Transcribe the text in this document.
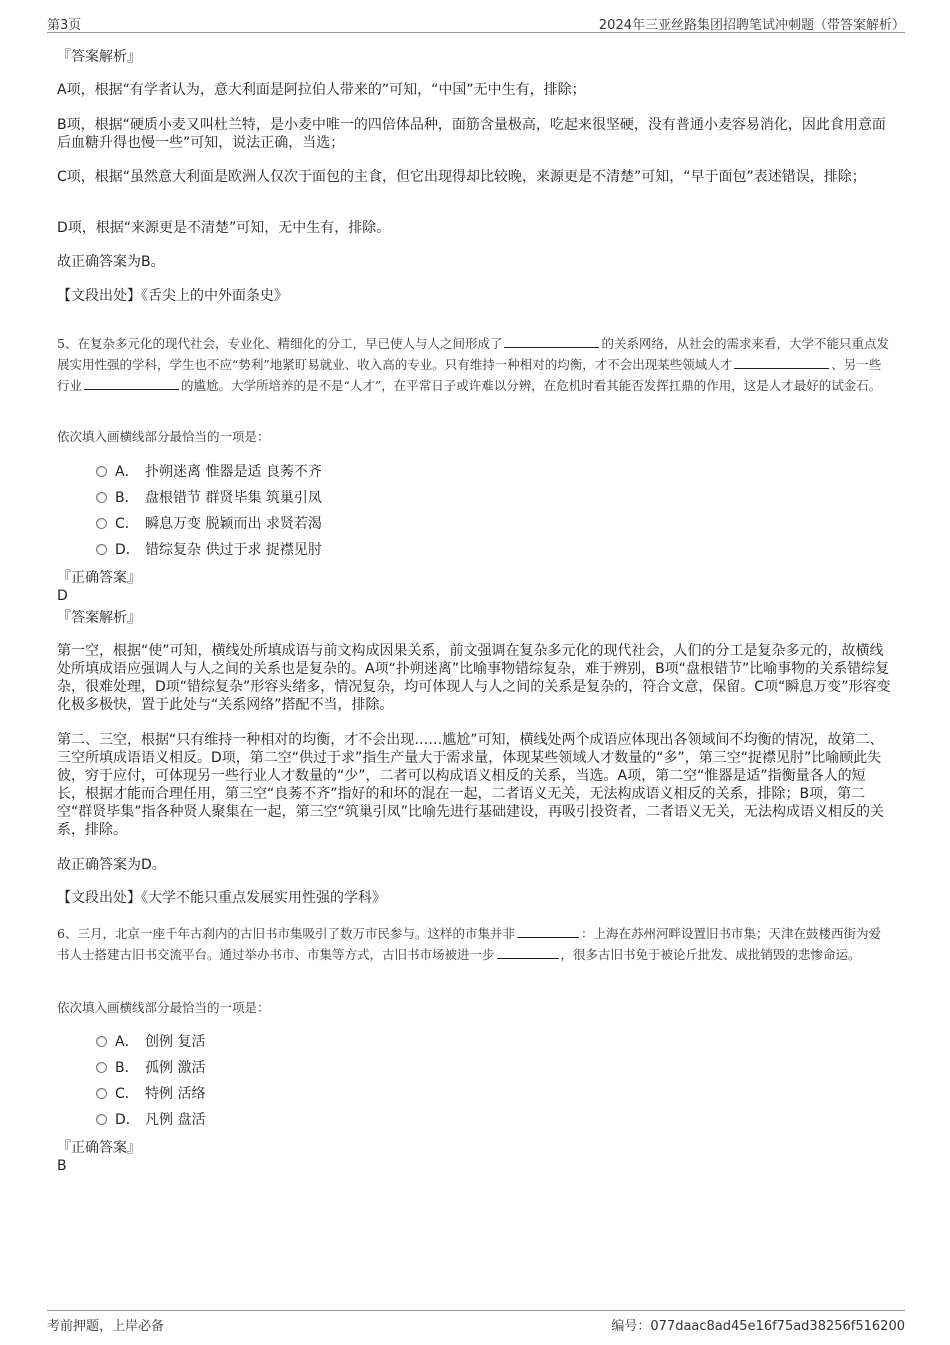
第3页	2024年三亚丝路集团招聘笔试冲刺题（带答案解析）
『答案解析』
A项，根据“有学者认为，意大利面是阿拉伯人带来的”可知，“中国”无中生有，排除；
B项，根据“硬质小麦又叫杜兰特，是小麦中唯一的四倍体品种，面筋含量极高，吃起来很坚硬，没有普通小麦容易消化，因此食用意面后血糖升得也慢一些”可知，说法正确，当选；
C项，根据“虽然意大利面是欧洲人仅次于面包的主食，但它出现得却比较晚，来源更是不清楚”可知，“早于面包”表述错误，排除；
D项，根据“来源更是不清楚”可知，无中生有，排除。
故正确答案为B。
【文段出处】《舌尖上的中外面条史》
5、在复杂多元化的现代社会，专业化、精细化的分工，早已使人与人之间形成了	的关系网络，从社会的需求来看，大学不能只重点发展实用性强的学科，学生也不应“势利”地紧盯易就业、收入高的专业。只有维持一种相对的均衡，才不会出现某些领域人才	、另一些行业	的尴尬。大学所培养的是不是“人才”，在平常日子或许难以分辨，在危机时看其能否发挥扛鼎的作用，这是人才最好的试金石。
依次填入画横线部分最恰当的一项是：
A． 扑朔迷离 惟器是适 良莠不齐
B． 盘根错节 群贤毕集 筑巢引凤
C． 瞬息万变 脱颖而出 求贤若渴
D． 错综复杂 供过于求 捉襟见肘
『正确答案』
D
『答案解析』
第一空，根据“使”可知，横线处所填成语与前文构成因果关系，前文强调在复杂多元化的现代社会，人们的分工是复杂多元的，故横线处所填成语应强调人与人之间的关系也是复杂的。A项“扑朔迷离”比喻事物错综复杂，难于辨别，B项“盘根错节”比喻事物的关系错综复杂，很难处理，D项“错综复杂”形容头绪多，情况复杂，均可体现人与人之间的关系是复杂的，符合文意，保留。C项“瞬息万变”形容变化极多极快，置于此处与“关系网络”搭配不当，排除。
第二、三空，根据“只有维持一种相对的均衡，才不会出现……尴尬”可知，横线处两个成语应体现出各领域间不均衡的情况，故第二、三空所填成语语义相反。D项，第二空“供过于求”指生产量大于需求量，体现某些领域人才数量的“多”，第三空“捉襟见肘”比喻顾此失彼，穷于应付，可体现另一些行业人才数量的“少”，二者可以构成语义相反的关系，当选。A项，第二空“惟器是适”指衡量各人的短长，根据才能而合理任用，第三空“良莠不齐”指好的和坏的混在一起，二者语义无关，无法构成语义相反的关系，排除；B项，第二空“群贤毕集”指各种贤人聚集在一起，第三空“筑巢引凤”比喻先进行基础建设，再吸引投资者，二者语义无关，无法构成语义相反的关系，排除。
故正确答案为D。
【文段出处】《大学不能只重点发展实用性强的学科》
6、三月，北京一座千年古刹内的古旧书市集吸引了数万市民参与。这样的市集并非	：上海在苏州河畔设置旧书市集；天津在鼓楼西街为爱书人士搭建古旧书交流平台。通过举办书市、市集等方式，古旧书市场被进一步	，很多古旧书免于被论斤批发、成批销毁的悲惨命运。
依次填入画横线部分最恰当的一项是：
A． 创例 复活
B． 孤例 激活
C． 特例 活络
D． 凡例 盘活
『正确答案』
B
考前押题，上岸必备	编号：077daac8ad45e16f75ad38256f516200
